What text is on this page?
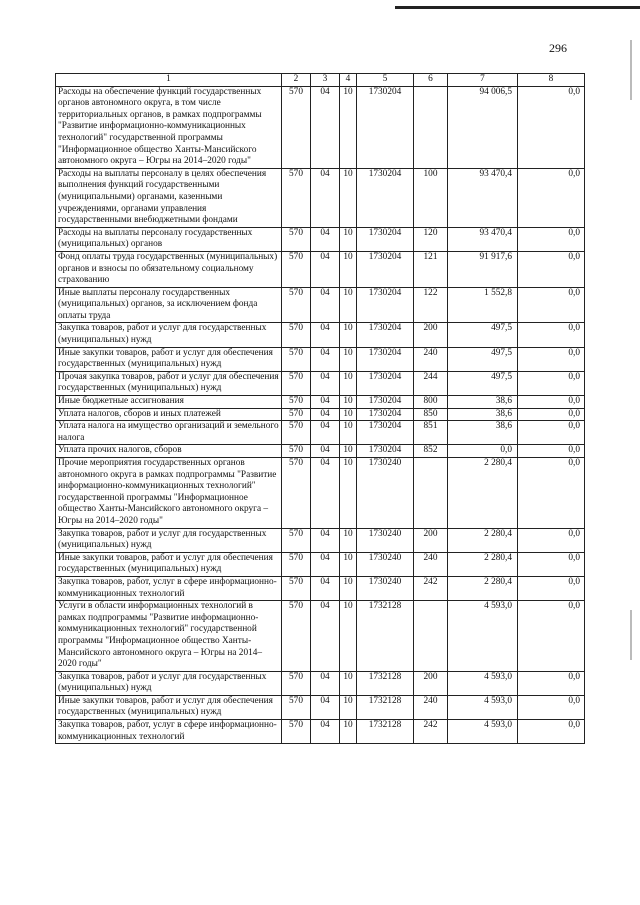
296
1	2	3	4	5	6	7	8
Расходы на обеспечение функций государственных органов автономного округа, в том числе территориальных органов, в рамках подпрограммы "Развитие информационно-коммуникационных технологий" государственной программы "Информационное общество Ханты-Мансийского автономного округа – Югры на 2014–2020 годы"	570	04	10	1730204		94 006,5	0,0
Расходы на выплаты персоналу в целях обеспечения выполнения функций государственными (муниципальными) органами, казенными учреждениями, органами управления государственными внебюджетными фондами	570	04	10	1730204	100	93 470,4	0,0
Расходы на выплаты персоналу государственных (муниципальных) органов	570	04	10	1730204	120	93 470,4	0,0
Фонд оплаты труда государственных (муниципальных) органов и взносы по обязательному социальному страхованию	570	04	10	1730204	121	91 917,6	0,0
Иные выплаты персоналу государственных (муниципальных) органов, за исключением фонда оплаты труда	570	04	10	1730204	122	1 552,8	0,0
Закупка товаров, работ и услуг для государственных (муниципальных) нужд	570	04	10	1730204	200	497,5	0,0
Иные закупки товаров, работ и услуг для обеспечения государственных (муниципальных) нужд	570	04	10	1730204	240	497,5	0,0
Прочая закупка товаров, работ и услуг для обеспечения государственных (муниципальных) нужд	570	04	10	1730204	244	497,5	0,0
Иные бюджетные ассигнования	570	04	10	1730204	800	38,6	0,0
Уплата налогов, сборов и иных платежей	570	04	10	1730204	850	38,6	0,0
Уплата налога на имущество организаций и земельного налога	570	04	10	1730204	851	38,6	0,0
Уплата прочих налогов, сборов	570	04	10	1730204	852	0,0	0,0
Прочие мероприятия государственных органов автономного округа в рамках подпрограммы "Развитие информационно-коммуникационных технологий" государственной программы "Информационное общество Ханты-Мансийского автономного округа – Югры на 2014–2020 годы"	570	04	10	1730240		2 280,4	0,0
Закупка товаров, работ и услуг для государственных (муниципальных) нужд	570	04	10	1730240	200	2 280,4	0,0
Иные закупки товаров, работ и услуг для обеспечения государственных (муниципальных) нужд	570	04	10	1730240	240	2 280,4	0,0
Закупка товаров, работ, услуг в сфере информационно-коммуникационных технологий	570	04	10	1730240	242	2 280,4	0,0
Услуги в области информационных технологий в рамках подпрограммы "Развитие информационно-коммуникационных технологий" государственной программы "Информационное общество Ханты-Мансийского автономного округа – Югры на 2014–2020 годы"	570	04	10	1732128		4 593,0	0,0
Закупка товаров, работ и услуг для государственных (муниципальных) нужд	570	04	10	1732128	200	4 593,0	0,0
Иные закупки товаров, работ и услуг для обеспечения государственных (муниципальных) нужд	570	04	10	1732128	240	4 593,0	0,0
Закупка товаров, работ, услуг в сфере информационно-коммуникационных технологий	570	04	10	1732128	242	4 593,0	0,0
